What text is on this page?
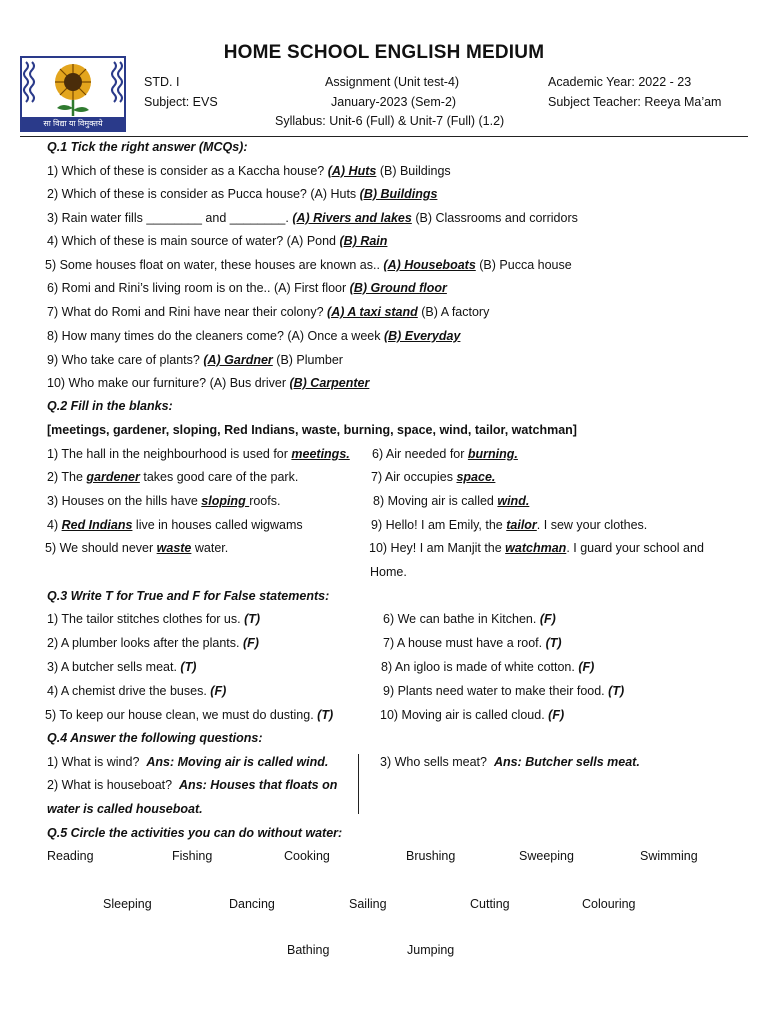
HOME SCHOOL ENGLISH MEDIUM
सा विद्या या विमुक्तये
STD. I
Subject: EVS
Assignment (Unit test-4)
January-2023 (Sem-2)
Academic Year: 2022 - 23
Subject Teacher: Reeya Ma’am
Syllabus: Unit-6 (Full) & Unit-7 (Full) (1.2)
Q.1 Tick the right answer (MCQs):
1) Which of these is consider as a Kaccha house? (A) Huts (B) Buildings
2) Which of these is consider as Pucca house? (A) Huts (B) Buildings
3) Rain water fills ________ and ________. (A) Rivers and lakes (B) Classrooms and corridors
4) Which of these is main source of water? (A) Pond (B) Rain
5) Some houses float on water, these houses are known as.. (A) Houseboats (B) Pucca house
6) Romi and Rini’s living room is on the.. (A) First floor (B) Ground floor
7) What do Romi and Rini have near their colony? (A) A taxi stand (B) A factory
8) How many times do the cleaners come? (A) Once a week (B) Everyday
9) Who take care of plants? (A) Gardner (B) Plumber
10) Who make our furniture? (A) Bus driver (B) Carpenter
Q.2 Fill in the blanks:
[meetings, gardener, sloping, Red Indians, waste, burning, space, wind, tailor, watchman]
1) The hall in the neighbourhood is used for meetings.
2) The gardener takes good care of the park.
3) Houses on the hills have sloping roofs.
4) Red Indians live in houses called wigwams
5) We should never waste water.
6) Air needed for burning.
7) Air occupies space.
8) Moving air is called wind.
9) Hello! I am Emily, the tailor. I sew your clothes.
10) Hey! I am Manjit the watchman. I guard your school and
Home.
Q.3 Write T for True and F for False statements:
1) The tailor stitches clothes for us. (T)
2) A plumber looks after the plants. (F)
3) A butcher sells meat. (T)
4) A chemist drive the buses. (F)
5) To keep our house clean, we must do dusting. (T)
6) We can bathe in Kitchen. (F)
7) A house must have a roof. (T)
8) An igloo is made of white cotton. (F)
9) Plants need water to make their food. (T)
10) Moving air is called cloud. (F)
Q.4 Answer the following questions:
1) What is wind? Ans: Moving air is called wind.
2) What is houseboat? Ans: Houses that floats on
water is called houseboat.
3) Who sells meat? Ans: Butcher sells meat.
Q.5 Circle the activities you can do without water:
Reading	Fishing	Cooking	Brushing	Sweeping	Swimming
Sleeping	Dancing	Sailing	Cutting	Colouring
Bathing	Jumping
